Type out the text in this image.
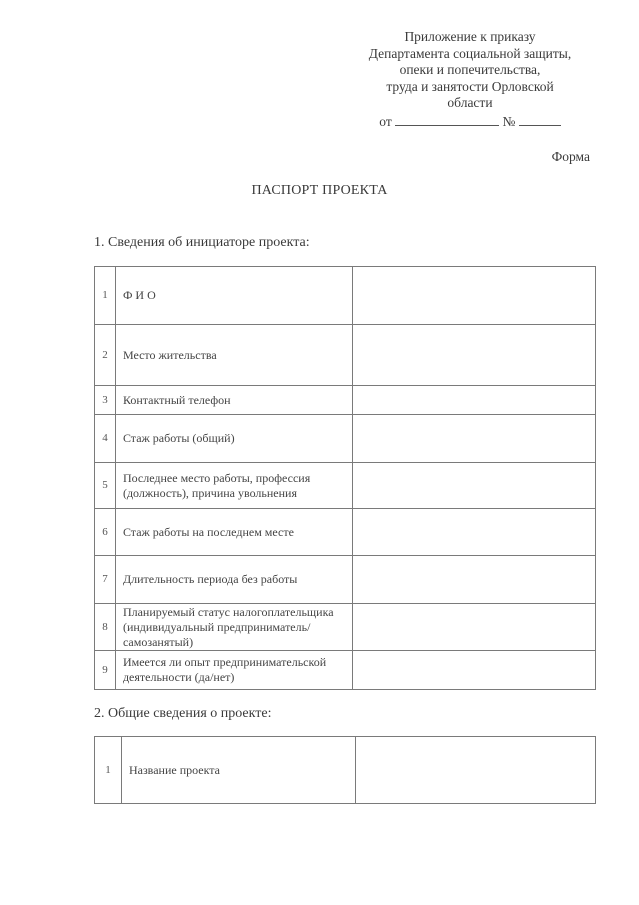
Приложение к приказу
Департамента социальной защиты,
опеки и попечительства,
труда и занятости Орловской
области
от	№
Форма
ПАСПОРТ ПРОЕКТА
1. Сведения об инициаторе проекта:
1	Ф И О	
2	Место жительства	
3	Контактный телефон	
4	Стаж работы (общий)	
5	Последнее место работы, профессия (должность), причина увольнения	
6	Стаж работы на последнем месте	
7	Длительность периода без работы	
8	Планируемый статус налогоплательщика (индивидуальный предприниматель/самозанятый)	
9	Имеется ли опыт предпринимательской деятельности (да/нет)	
2. Общие сведения о проекте:
1	Название проекта	
